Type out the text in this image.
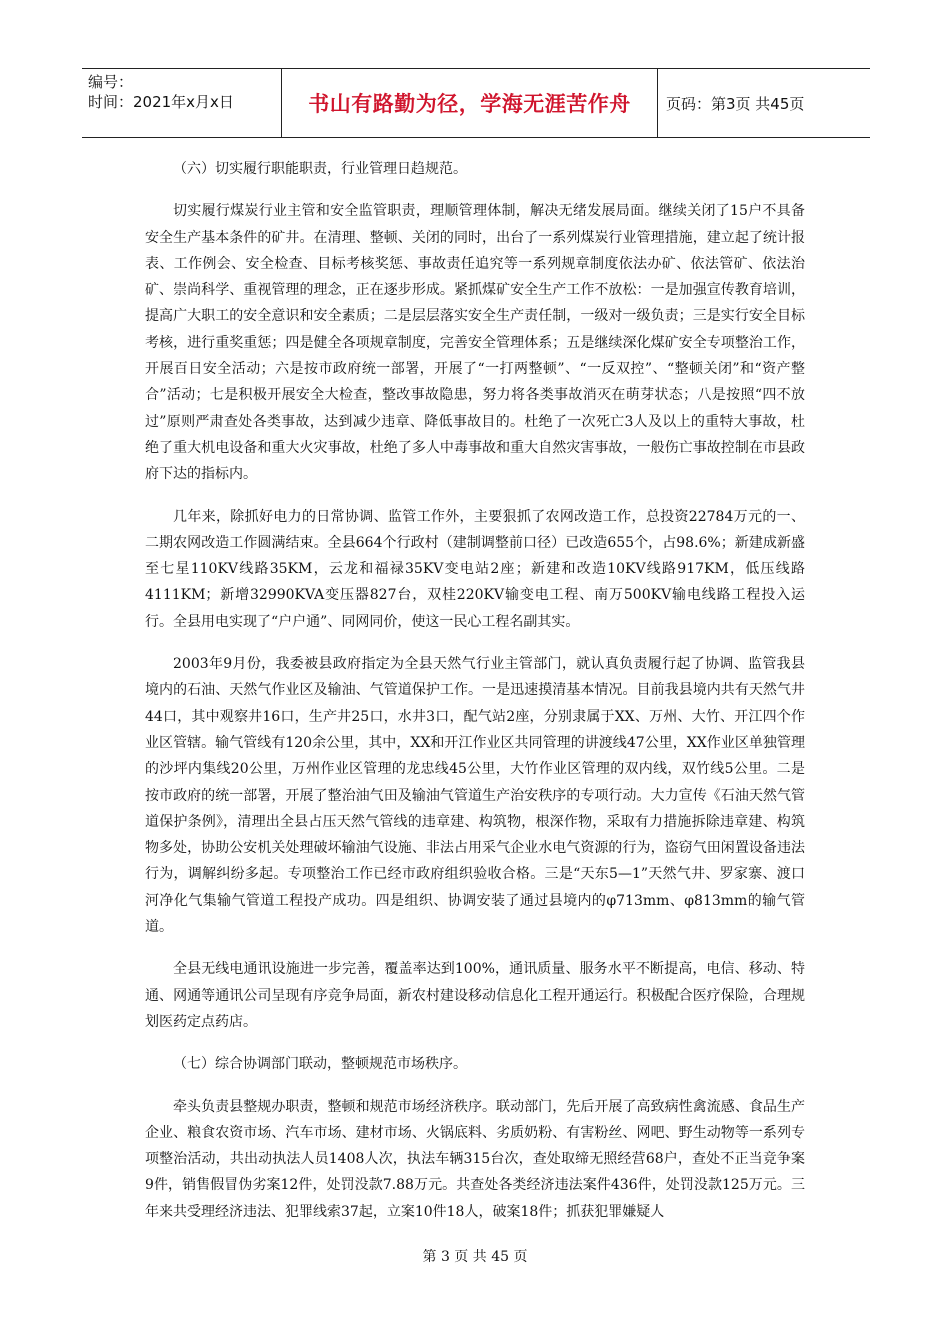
编号：
时间：2021年x月x日	书山有路勤为径，学海无涯苦作舟	页码：第3页 共45页

（六）切实履行职能职责，行业管理日趋规范。

切实履行煤炭行业主管和安全监管职责，理顺管理体制，解决无绪发展局面。继续关闭了15户不具备安全生产基本条件的矿井。在清理、整顿、关闭的同时，出台了一系列煤炭行业管理措施，建立起了统计报表、工作例会、安全检查、目标考核奖惩、事故责任追究等一系列规章制度依法办矿、依法管矿、依法治矿、崇尚科学、重视管理的理念，正在逐步形成。紧抓煤矿安全生产工作不放松：一是加强宣传教育培训，提高广大职工的安全意识和安全素质；二是层层落实安全生产责任制，一级对一级负责；三是实行安全目标考核，进行重奖重惩；四是健全各项规章制度，完善安全管理体系；五是继续深化煤矿安全专项整治工作，开展百日安全活动；六是按市政府统一部署，开展了“一打两整顿”、“一反双控”、“整顿关闭”和“资产整合”活动；七是积极开展安全大检查，整改事故隐患，努力将各类事故消灭在萌芽状态；八是按照“四不放过”原则严肃查处各类事故，达到减少违章、降低事故目的。杜绝了一次死亡3人及以上的重特大事故，杜绝了重大机电设备和重大火灾事故，杜绝了多人中毒事故和重大自然灾害事故，一般伤亡事故控制在市县政府下达的指标内。

几年来，除抓好电力的日常协调、监管工作外，主要狠抓了农网改造工作，总投资22784万元的一、二期农网改造工作圆满结束。全县664个行政村（建制调整前口径）已改造655个，占98.6%；新建成新盛至七星110KV线路35KM，云龙和福禄35KV变电站2座；新建和改造10KV线路917KM，低压线路4111KM；新增32990KVA变压器827台，双桂220KV输变电工程、南万500KV输电线路工程投入运行。全县用电实现了“户户通”、同网同价，使这一民心工程名副其实。

2003年9月份，我委被县政府指定为全县天然气行业主管部门，就认真负责履行起了协调、监管我县境内的石油、天然气作业区及输油、气管道保护工作。一是迅速摸清基本情况。目前我县境内共有天然气井44口，其中观察井16口，生产井25口，水井3口，配气站2座，分别隶属于XX、万州、大竹、开江四个作业区管辖。输气管线有120余公里，其中，XX和开江作业区共同管理的讲渡线47公里，XX作业区单独管理的沙坪内集线20公里，万州作业区管理的龙忠线45公里，大竹作业区管理的双内线，双竹线5公里。二是按市政府的统一部署，开展了整治油气田及输油气管道生产治安秩序的专项行动。大力宣传《石油天然气管道保护条例》，清理出全县占压天然气管线的违章建、构筑物，根深作物，采取有力措施拆除违章建、构筑物多处，协助公安机关处理破坏输油气设施、非法占用采气企业水电气资源的行为，盗窃气田闲置设备违法行为，调解纠纷多起。专项整治工作已经市政府组织验收合格。三是“天东5—1”天然气井、罗家寨、渡口河净化气集输气管道工程投产成功。四是组织、协调安装了通过县境内的φ713mm、φ813mm的输气管道。

全县无线电通讯设施进一步完善，覆盖率达到100%，通讯质量、服务水平不断提高，电信、移动、特通、网通等通讯公司呈现有序竞争局面，新农村建设移动信息化工程开通运行。积极配合医疗保险，合理规划医药定点药店。

（七）综合协调部门联动，整顿规范市场秩序。

牵头负责县整规办职责，整顿和规范市场经济秩序。联动部门，先后开展了高致病性禽流感、食品生产企业、粮食农资市场、汽车市场、建材市场、火锅底料、劣质奶粉、有害粉丝、网吧、野生动物等一系列专项整治活动，共出动执法人员1408人次，执法车辆315台次，查处取缔无照经营68户，查处不正当竞争案9件，销售假冒伪劣案12件，处罚没款7.88万元。共查处各类经济违法案件436件，处罚没款125万元。三年来共受理经济违法、犯罪线索37起，立案10件18人，破案18件；抓获犯罪嫌疑人

第 3 页 共 45 页
